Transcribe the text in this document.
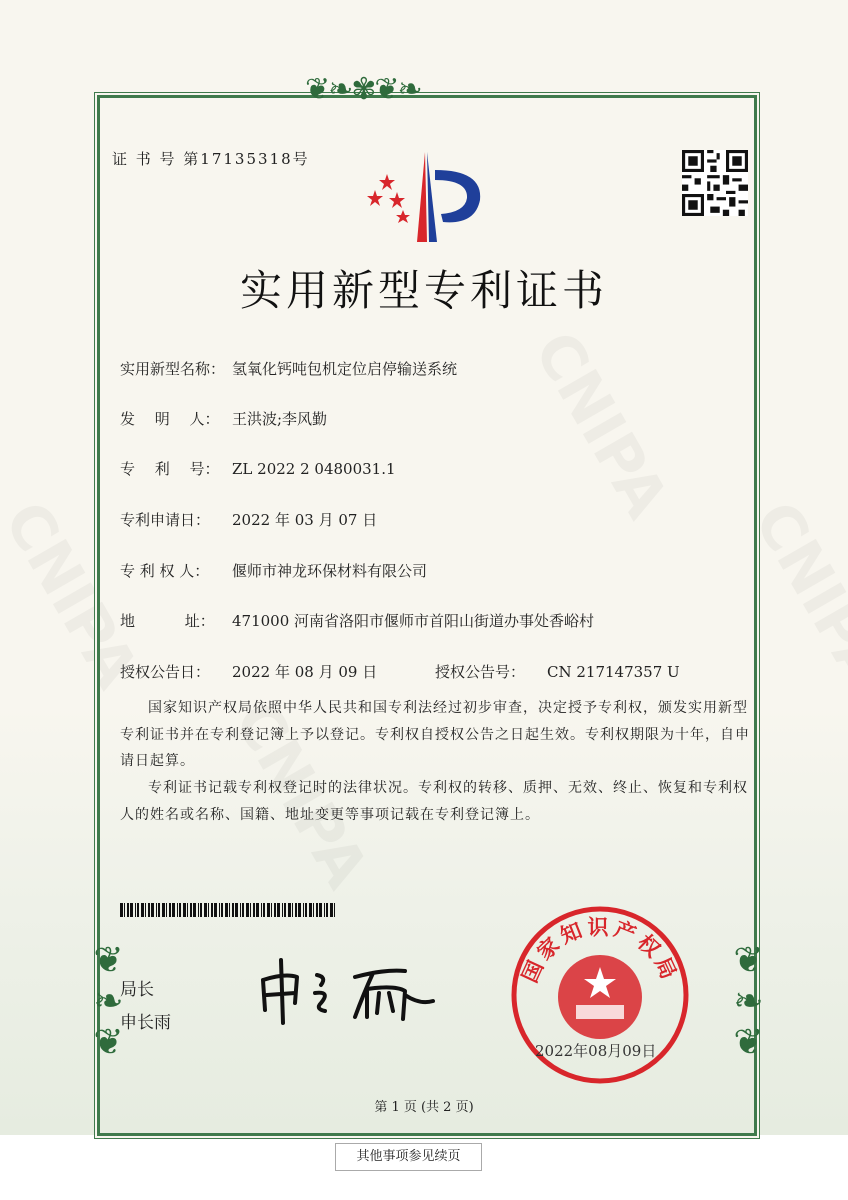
❦❧✾❦❧
❦❧❦	❦❧❦
证 书 号 第17135318号
实用新型专利证书
实用新型名称： 氢氧化钙吨包机定位启停输送系统
发　 明　 人： 王洪波;李风勤
专　 利　 号： ZL 2022 2 0480031.1
专利申请日： 2022 年 03 月 07 日
专 利 权 人： 偃师市神龙环保材料有限公司
地　　　 址： 471000 河南省洛阳市偃师市首阳山街道办事处香峪村
授权公告日： 2022 年 08 月 09 日	授权公告号： CN 217147357 U
国家知识产权局依照中华人民共和国专利法经过初步审查，决定授予专利权，颁发实用新型专利证书并在专利登记簿上予以登记。专利权自授权公告之日起生效。专利权期限为十年，自申请日起算。
专利证书记载专利权登记时的法律状况。专利权的转移、质押、无效、终止、恢复和专利权人的姓名或名称、国籍、地址变更等事项记载在专利登记簿上。
局长
申长雨
国家知识产权局
2022年08月09日
第 1 页 (共 2 页)
其他事项参见续页
